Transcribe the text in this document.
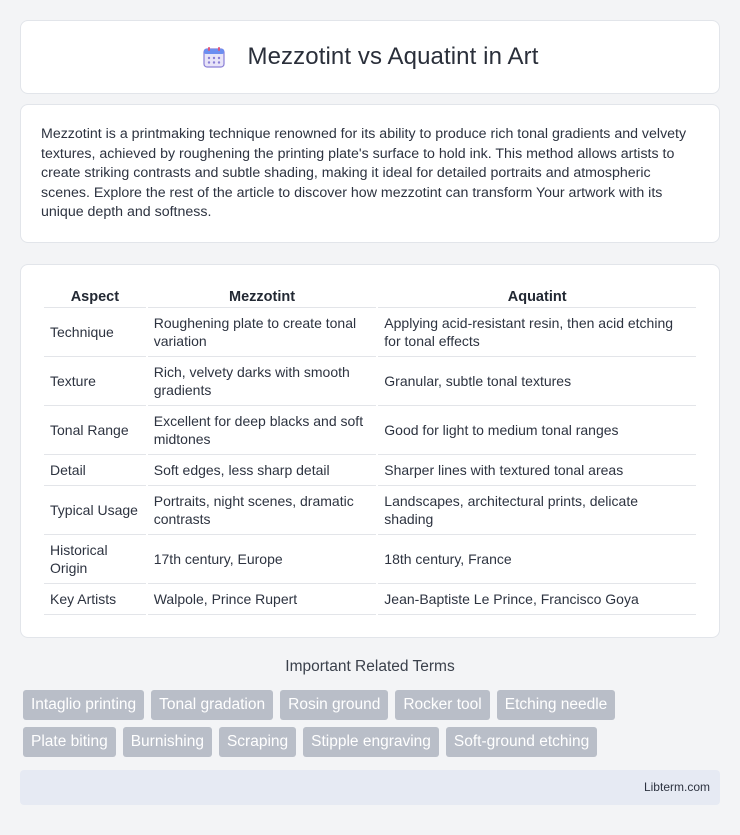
Mezzotint vs Aquatint in Art

Mezzotint is a printmaking technique renowned for its ability to produce rich tonal gradients and velvety textures, achieved by roughening the printing plate's surface to hold ink. This method allows artists to create striking contrasts and subtle shading, making it ideal for detailed portraits and atmospheric scenes. Explore the rest of the article to discover how mezzotint can transform Your artwork with its unique depth and softness.

Aspect	Mezzotint	Aquatint
Technique	Roughening plate to create tonal variation	Applying acid-resistant resin, then acid etching for tonal effects
Texture	Rich, velvety darks with smooth gradients	Granular, subtle tonal textures
Tonal Range	Excellent for deep blacks and soft midtones	Good for light to medium tonal ranges
Detail	Soft edges, less sharp detail	Sharper lines with textured tonal areas
Typical Usage	Portraits, night scenes, dramatic contrasts	Landscapes, architectural prints, delicate shading
Historical Origin	17th century, Europe	18th century, France
Key Artists	Walpole, Prince Rupert	Jean-Baptiste Le Prince, Francisco Goya
Important Related Terms
Intaglio printing	Tonal gradation	Rosin ground	Rocker tool	Etching needle
Plate biting	Burnishing	Scraping	Stipple engraving	Soft-ground etching
Libterm.com
